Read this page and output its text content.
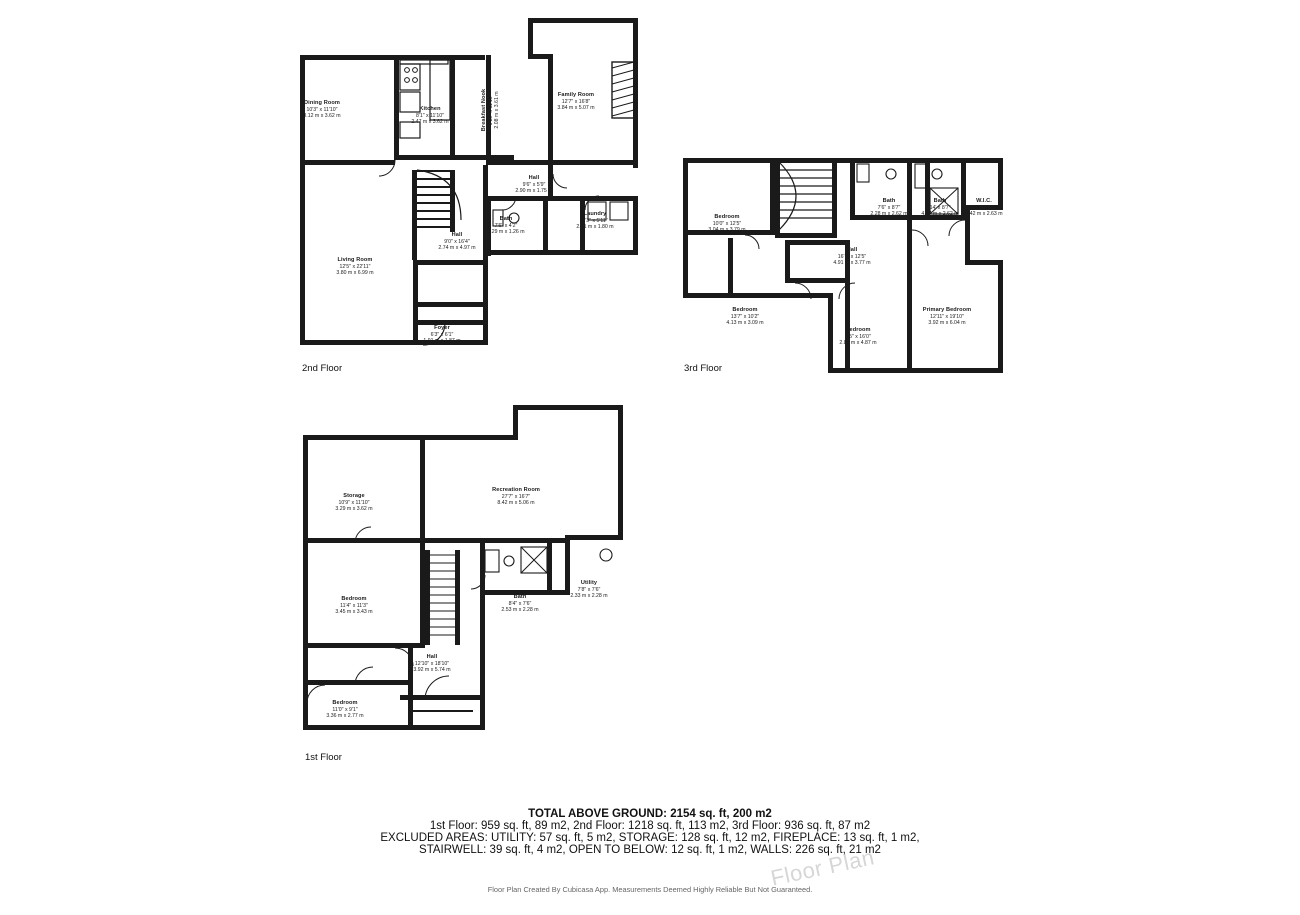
Dining Room
10'3" x 11'10"
3.12 m x 3.62 m
Kitchen
8'1" x 11'10"
2.47 m x 3.62 m	Breakfast Nook 6'10" x 11'10" 2.08 m x 3.61 m	Family Room
12'7" x 16'8"
3.84 m x 5.07 m
Living Room
12'5" x 22'11"
3.80 m x 6.99 m
Hall
9'0" x 16'4"
2.74 m x 4.97 m
Hall
9'6" x 5'9"
2.90 m x 1.75 m
Bath
7'6" x 4'2"
2.29 m x 1.26 m
Laundry
9'3" x 5'11"
2.81 m x 1.80 m
Foyer
6'3" x 6'1"
1.91 m x 1.87 m
Bedroom
10'0" x 12'5"
3.04 m x 3.79 m
Hall
16'1" x 12'5"
4.91 m x 3.77 m
Bath
7'6" x 8'7"
2.28 m x 2.62 m
Bath
14' x 8'7"
4.27 m x 2.62 m
W.I.C.
4'8" x 8'7"
1.42 m x 2.63 m
Bedroom
13'7" x 10'2"
4.13 m x 3.09 m
Bedroom
9'5" x 16'0"
2.88 m x 4.87 m
Primary Bedroom
12'11" x 19'10"
3.92 m x 6.04 m
Storage
10'9" x 11'10"
3.29 m x 3.62 m
Recreation Room
27'7" x 16'7"
8.42 m x 5.06 m
Bedroom
11'4" x 11'3"
3.45 m x 3.43 m
Bath
8'4" x 7'6"
2.53 m x 2.28 m
Utility
7'8" x 7'6"
2.33 m x 2.28 m
Hall
12'10" x 18'10"
3.92 m x 5.74 m
Bedroom
11'0" x 9'1"
3.36 m x 2.77 m
2nd Floor	3rd Floor
1st Floor
TOTAL ABOVE GROUND: 2154 sq. ft, 200 m2
1st Floor: 959 sq. ft, 89 m2, 2nd Floor: 1218 sq. ft, 113 m2, 3rd Floor: 936 sq. ft, 87 m2
EXCLUDED AREAS: UTILITY: 57 sq. ft, 5 m2, STORAGE: 128 sq. ft, 12 m2, FIREPLACE: 13 sq. ft, 1 m2,
STAIRWELL: 39 sq. ft, 4 m2, OPEN TO BELOW: 12 sq. ft, 1 m2, WALLS: 226 sq. ft, 21 m2
Floor Plan
Floor Plan Created By Cubicasa App. Measurements Deemed Highly Reliable But Not Guaranteed.
